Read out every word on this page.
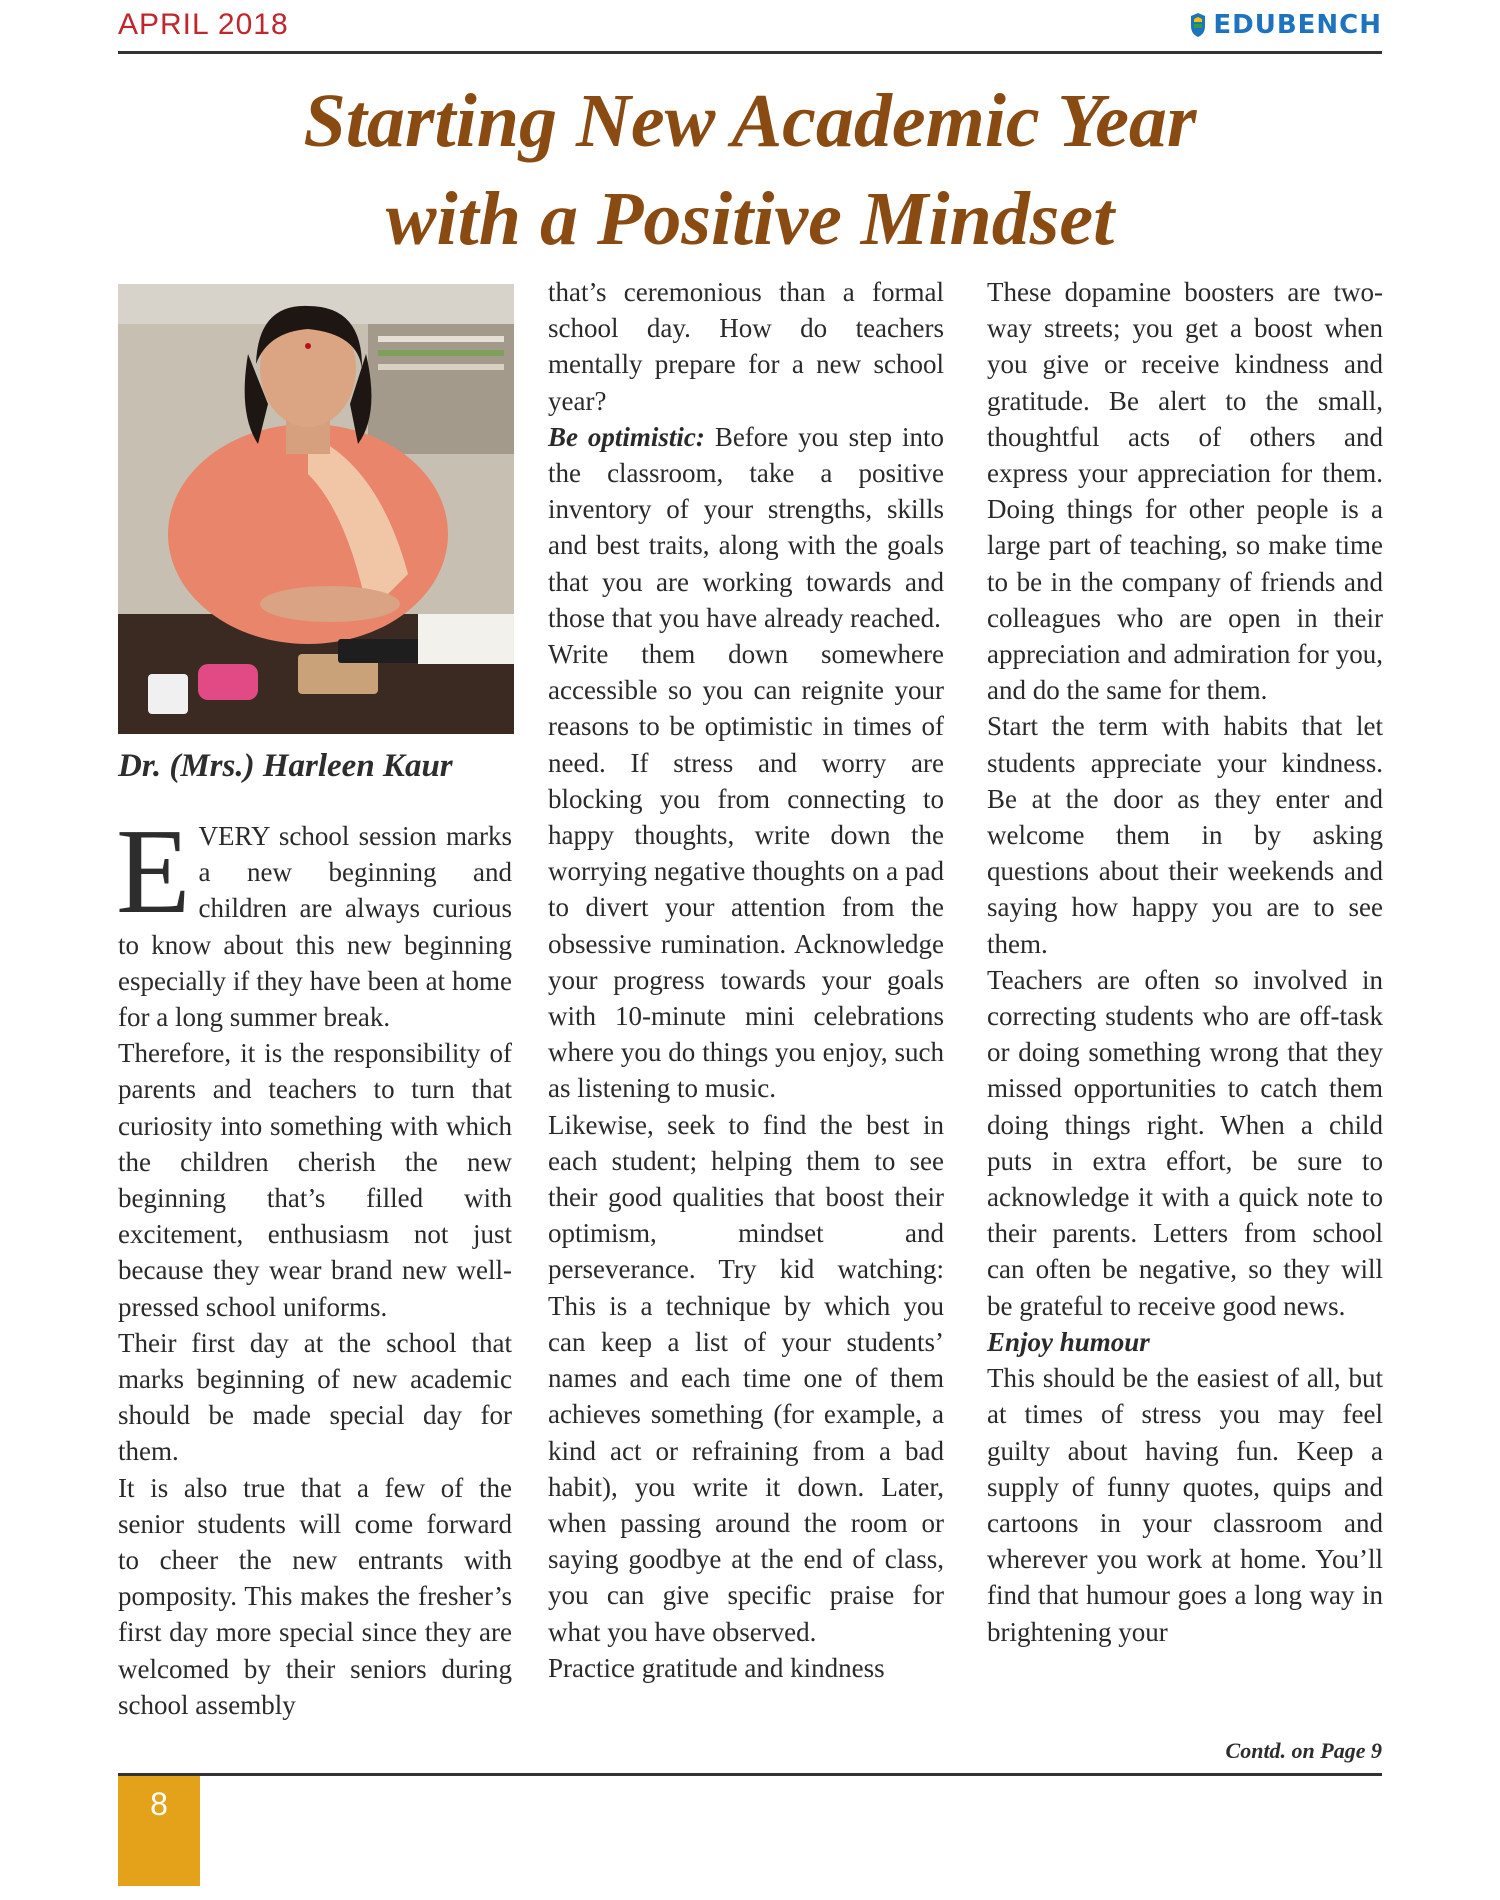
APRIL 2018	EDUBENCH
Starting New Academic Year
with a Positive Mindset
Dr. (Mrs.) Harleen Kaur

EVERY school session marks a new beginning and children are always curious to know about this new beginning especially if they have been at home for a long summer break.

Therefore, it is the responsibility of parents and teachers to turn that curiosity into something with which the children cherish the new beginning that’s filled with excitement, enthusiasm not just because they wear brand new well-pressed school uniforms.

Their first day at the school that marks beginning of new academic should be made special day for them.

It is also true that a few of the senior students will come forward to cheer the new entrants with pomposity. This makes the fresher’s first day more special since they are welcomed by their seniors during school assembly

that’s ceremonious than a formal school day. How do teachers mentally prepare for a new school year?

Be optimistic: Before you step into the classroom, take a positive inventory of your strengths, skills and best traits, along with the goals that you are working towards and those that you have already reached.

Write them down somewhere accessible so you can reignite your reasons to be optimistic in times of need. If stress and worry are blocking you from connecting to happy thoughts, write down the worrying negative thoughts on a pad to divert your attention from the obsessive rumination. Acknowledge your progress towards your goals with 10-minute mini celebrations where you do things you enjoy, such as listening to music.

Likewise, seek to find the best in each student; helping them to see their good qualities that boost their optimism, mindset and perseverance. Try kid watching: This is a technique by which you can keep a list of your students’ names and each time one of them achieves something (for example, a kind act or refraining from a bad habit), you write it down. Later, when passing around the room or saying goodbye at the end of class, you can give specific praise for what you have observed.

Practice gratitude and kindness

These dopamine boosters are two-way streets; you get a boost when you give or receive kindness and gratitude. Be alert to the small, thoughtful acts of others and express your appreciation for them. Doing things for other people is a large part of teaching, so make time to be in the company of friends and colleagues who are open in their appreciation and admiration for you, and do the same for them.

Start the term with habits that let students appreciate your kindness. Be at the door as they enter and welcome them in by asking questions about their weekends and saying how happy you are to see them.

Teachers are often so involved in correcting students who are off-task or doing something wrong that they missed opportunities to catch them doing things right. When a child puts in extra effort, be sure to acknowledge it with a quick note to their parents. Letters from school can often be negative, so they will be grateful to receive good news.

Enjoy humour

This should be the easiest of all, but at times of stress you may feel guilty about having fun. Keep a supply of funny quotes, quips and cartoons in your classroom and wherever you work at home. You’ll find that humour goes a long way in brightening your

Contd. on Page 9
8
